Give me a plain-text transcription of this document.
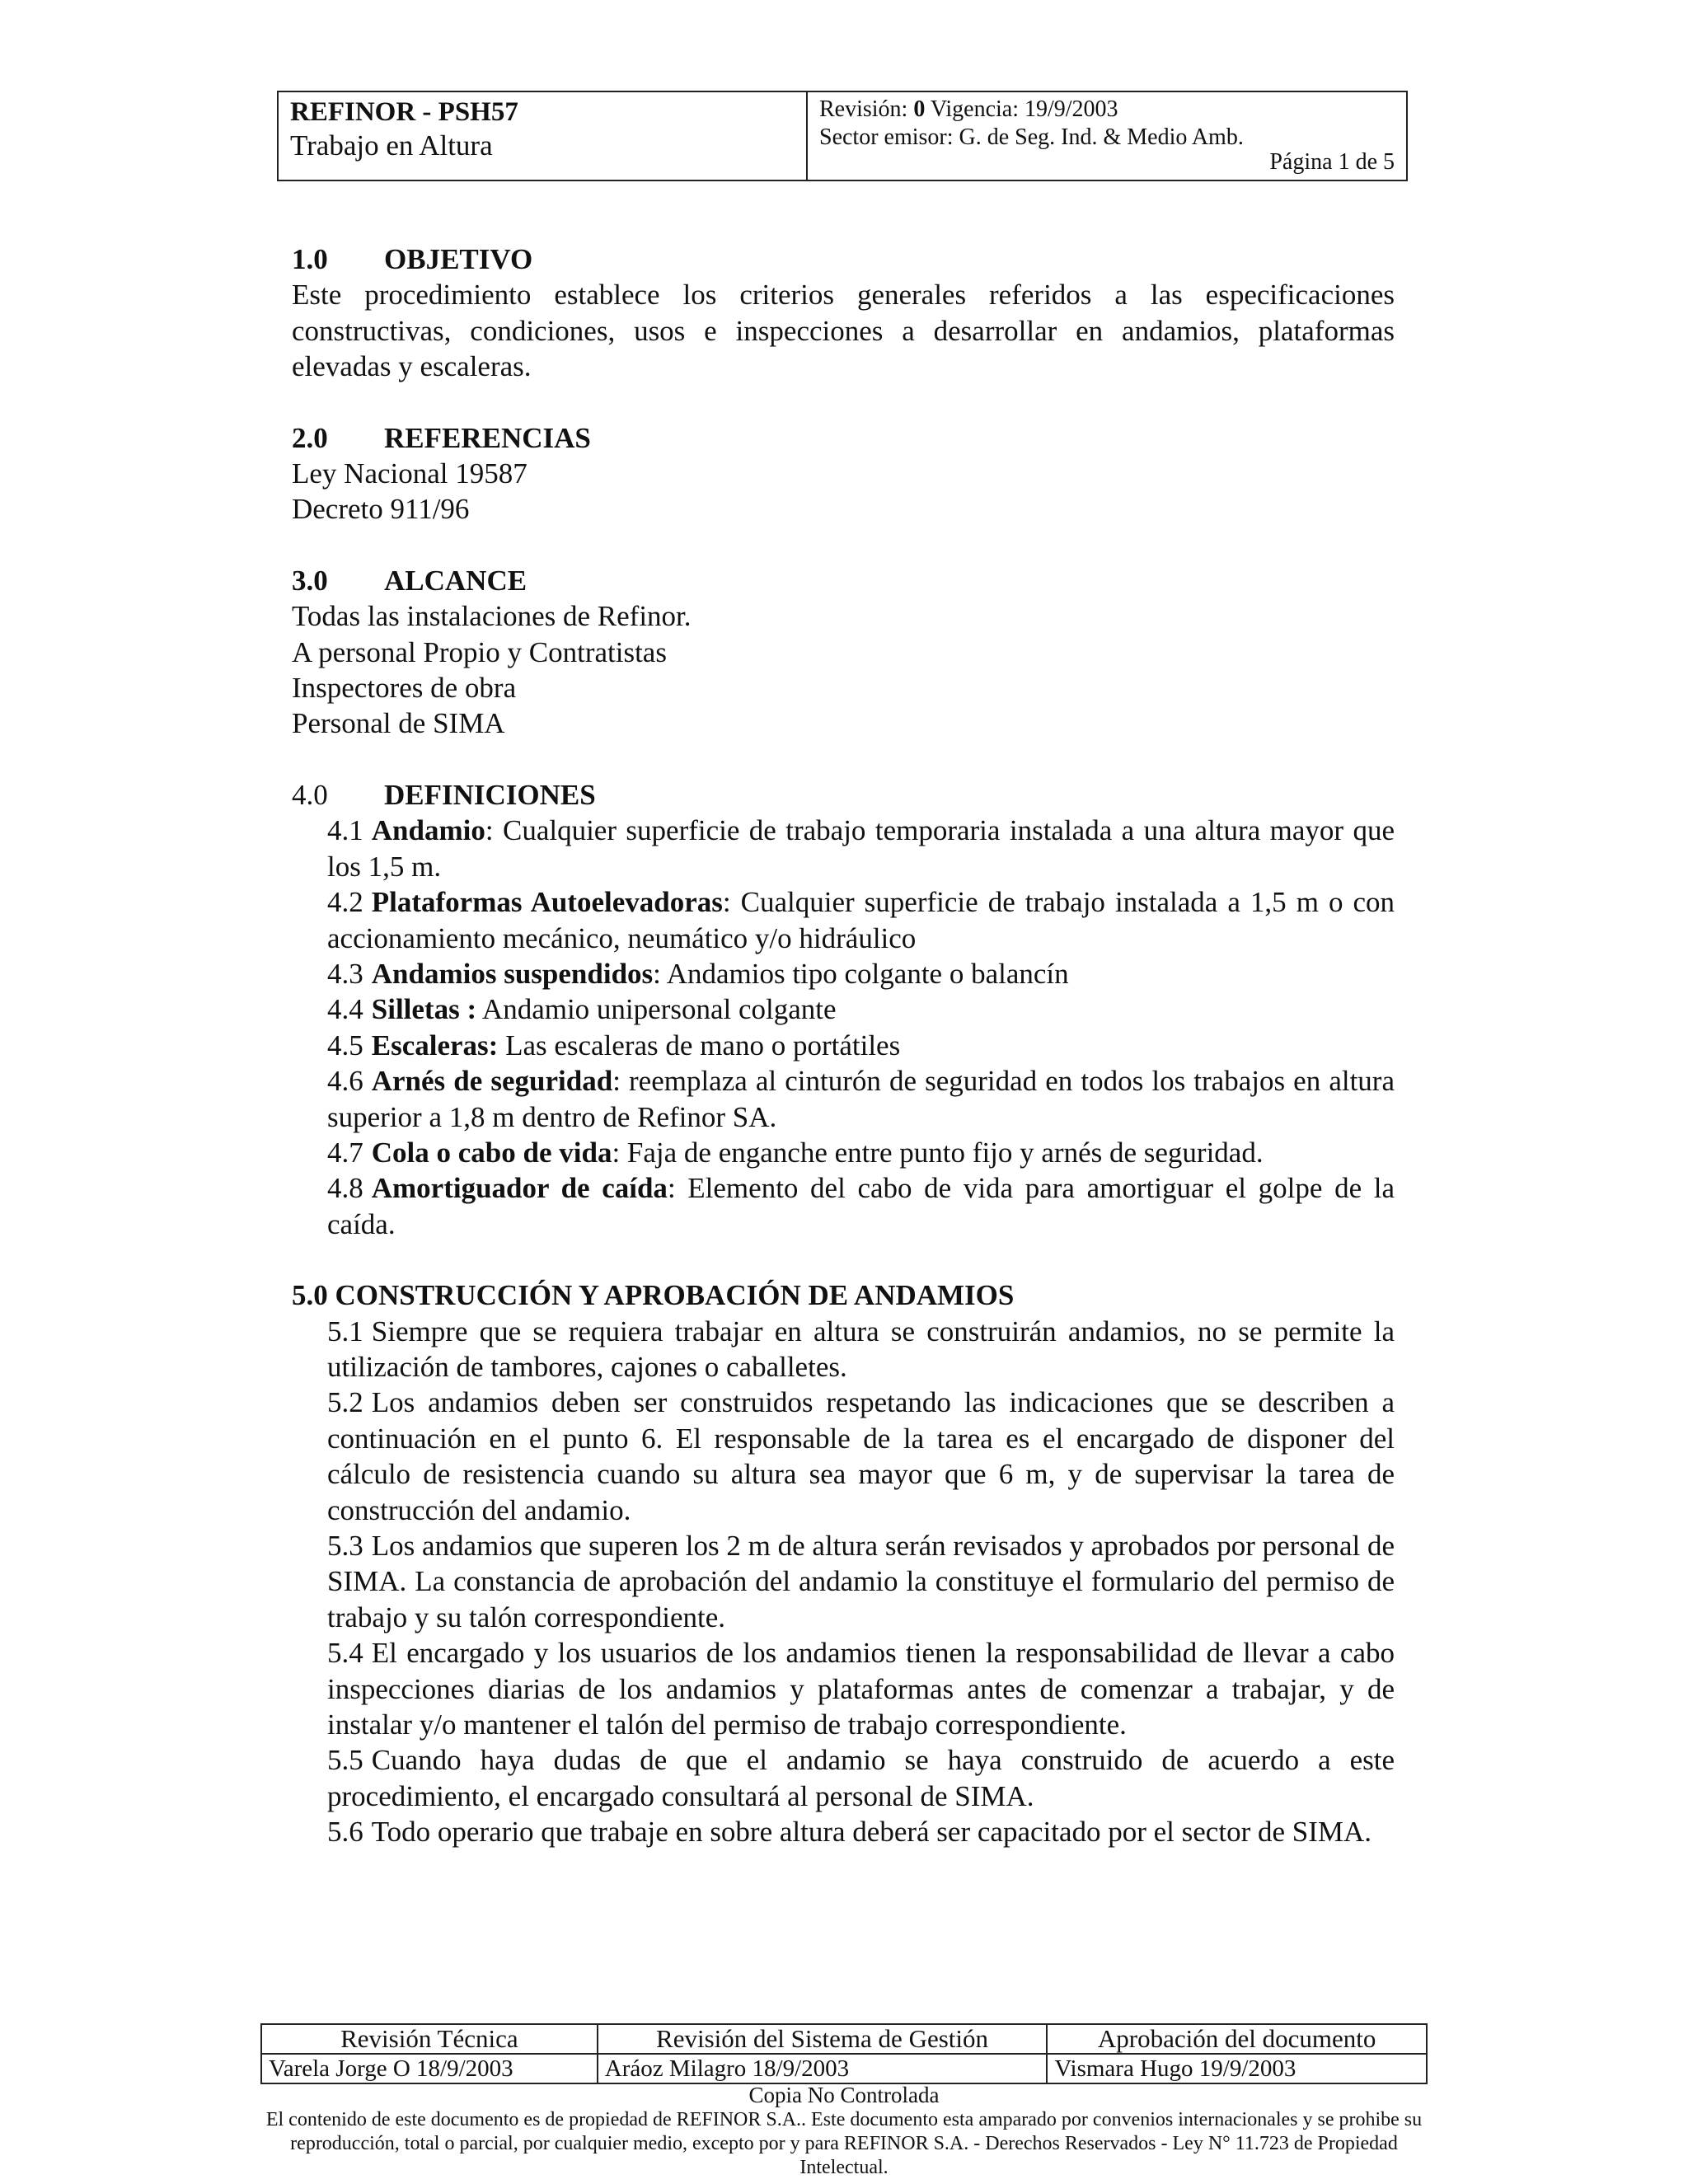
REFINOR - PSH57
Trabajo en Altura
Revisión: 0 Vigencia: 19/9/2003
Sector emisor: G. de Seg. Ind. & Medio Amb.
Página 1 de 5
1.0	OBJETIVO
Este procedimiento establece los criterios generales referidos a las especificaciones constructivas, condiciones, usos e inspecciones a desarrollar en andamios, plataformas elevadas y escaleras.
2.0	REFERENCIAS
Ley Nacional 19587
Decreto 911/96
3.0	ALCANCE
Todas las instalaciones de Refinor.
A personal Propio y Contratistas
Inspectores de obra
Personal de SIMA
4.0	DEFINICIONES
4.1 Andamio: Cualquier superficie de trabajo temporaria instalada a una altura mayor que los 1,5 m.
4.2 Plataformas Autoelevadoras: Cualquier superficie de trabajo instalada a 1,5 m o con accionamiento mecánico, neumático y/o hidráulico
4.3 Andamios suspendidos: Andamios tipo colgante o balancín
4.4 Silletas : Andamio unipersonal colgante
4.5 Escaleras: Las escaleras de mano o portátiles
4.6 Arnés de seguridad: reemplaza al cinturón de seguridad en todos los trabajos en altura superior a 1,8 m dentro de Refinor SA.
4.7 Cola o cabo de vida: Faja de enganche entre punto fijo y arnés de seguridad.
4.8 Amortiguador de caída: Elemento del cabo de vida para amortiguar el golpe de la caída.
5.0 CONSTRUCCIÓN Y APROBACIÓN DE ANDAMIOS
5.1 Siempre que se requiera trabajar en altura se construirán andamios, no se permite la utilización de tambores, cajones o caballetes.
5.2 Los andamios deben ser construidos respetando las indicaciones que se describen a continuación en el punto 6. El responsable de la tarea es el encargado de disponer del cálculo de resistencia cuando su altura sea mayor que 6 m, y de supervisar la tarea de construcción del andamio.
5.3 Los andamios que superen los 2 m de altura serán revisados y aprobados por personal de SIMA. La constancia de aprobación del andamio la constituye el formulario del permiso de trabajo y su talón correspondiente.
5.4 El encargado y los usuarios de los andamios tienen la responsabilidad de llevar a cabo inspecciones diarias de los andamios y plataformas antes de comenzar a trabajar, y de instalar y/o mantener el talón del permiso de trabajo correspondiente.
5.5 Cuando haya dudas de que el andamio se haya construido de acuerdo a este procedimiento, el encargado consultará al personal de SIMA.
5.6 Todo operario que trabaje en sobre altura deberá ser capacitado por el sector de SIMA.
Revisión Técnica	Revisión del Sistema de Gestión	Aprobación del documento
Varela Jorge O 18/9/2003	Aráoz Milagro 18/9/2003	Vismara Hugo 19/9/2003
Copia No Controlada
El contenido de este documento es de propiedad de REFINOR S.A.. Este documento esta amparado por convenios internacionales y se prohibe su reproducción, total o parcial, por cualquier medio, excepto por y para REFINOR S.A. - Derechos Reservados - Ley N° 11.723 de Propiedad Intelectual.
